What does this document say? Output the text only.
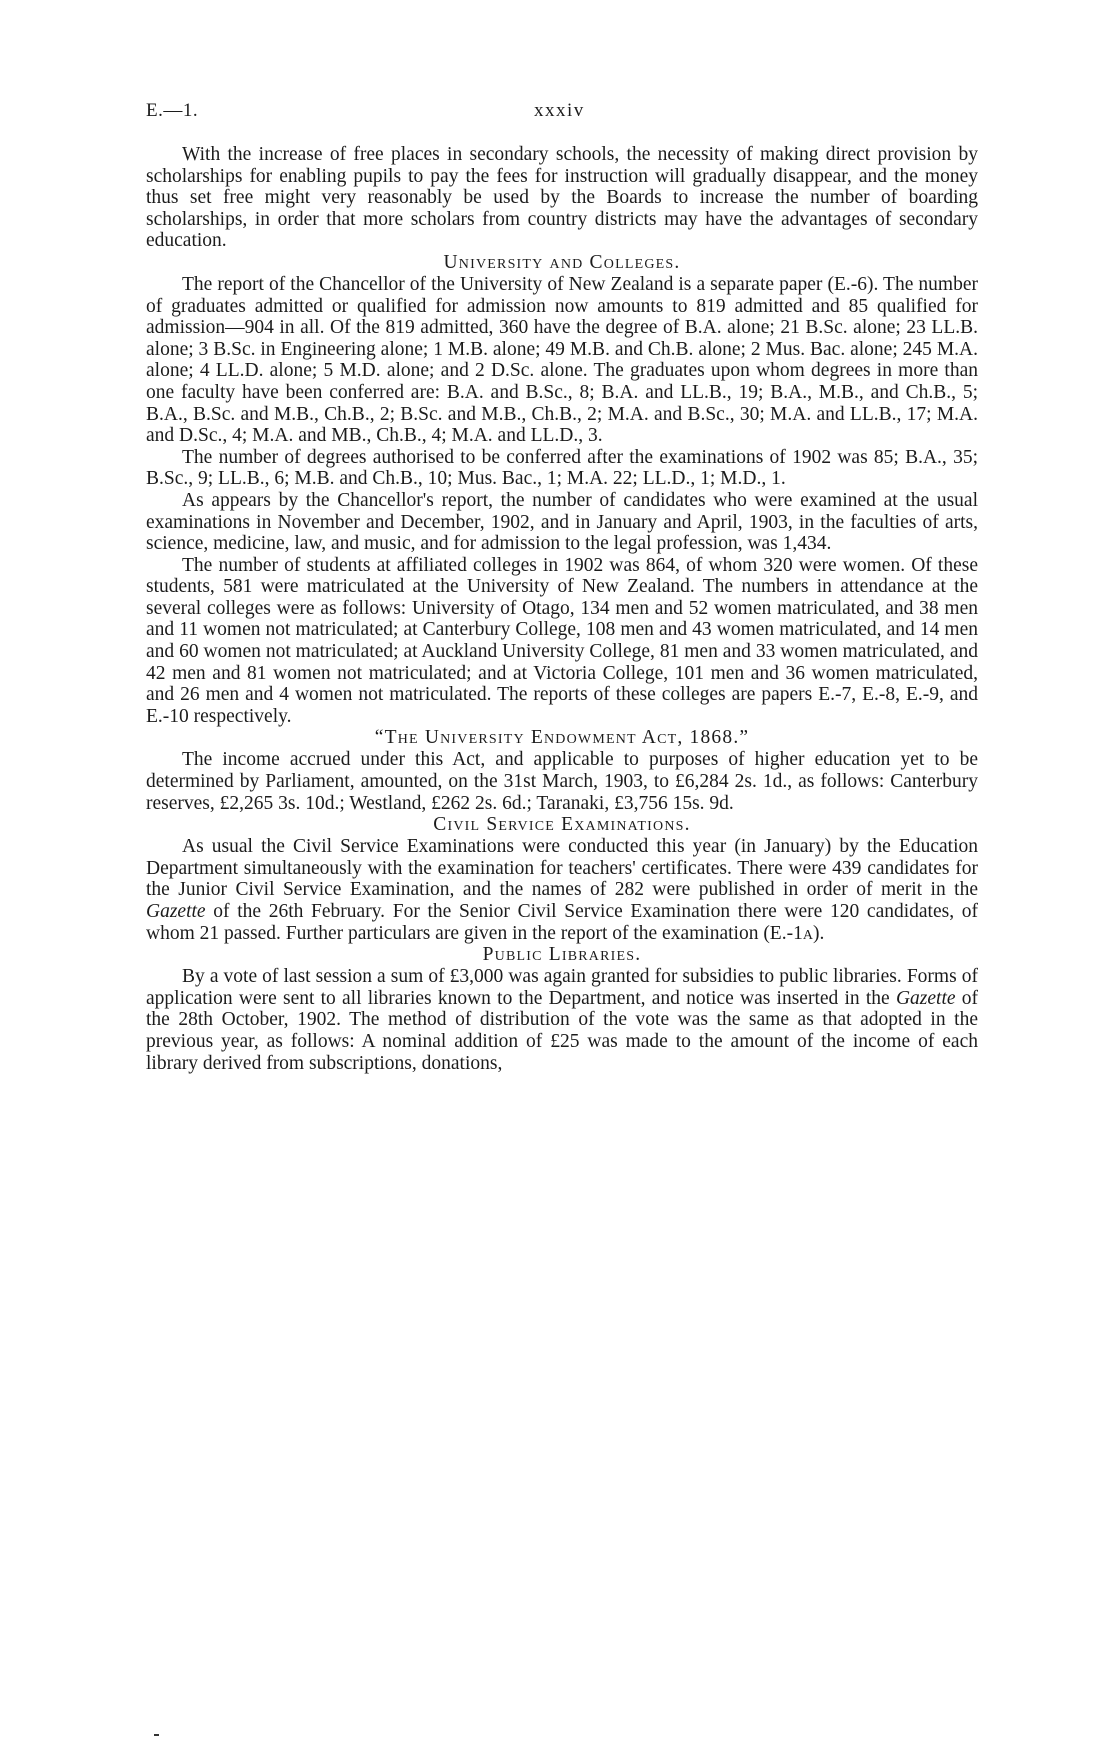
E.—1.	xxxiv

With the increase of free places in secondary schools, the necessity of making direct provision by scholarships for enabling pupils to pay the fees for instruction will gradually disappear, and the money thus set free might very reasonably be used by the Boards to increase the number of boarding scholarships, in order that more scholars from country districts may have the advantages of secondary education.

University and Colleges.

The report of the Chancellor of the University of New Zealand is a separate paper (E.-6). The number of graduates admitted or qualified for admission now amounts to 819 admitted and 85 qualified for admission—904 in all. Of the 819 admitted, 360 have the degree of B.A. alone; 21 B.Sc. alone; 23 LL.B. alone; 3 B.Sc. in Engineering alone; 1 M.B. alone; 49 M.B. and Ch.B. alone; 2 Mus. Bac. alone; 245 M.A. alone; 4 LL.D. alone; 5 M.D. alone; and 2 D.Sc. alone. The graduates upon whom degrees in more than one faculty have been conferred are: B.A. and B.Sc., 8; B.A. and LL.B., 19; B.A., M.B., and Ch.B., 5; B.A., B.Sc. and M.B., Ch.B., 2; B.Sc. and M.B., Ch.B., 2; M.A. and B.Sc., 30; M.A. and LL.B., 17; M.A. and D.Sc., 4; M.A. and MB., Ch.B., 4; M.A. and LL.D., 3.

The number of degrees authorised to be conferred after the examinations of 1902 was 85; B.A., 35; B.Sc., 9; LL.B., 6; M.B. and Ch.B., 10; Mus. Bac., 1; M.A. 22; LL.D., 1; M.D., 1.

As appears by the Chancellor's report, the number of candidates who were examined at the usual examinations in November and December, 1902, and in January and April, 1903, in the faculties of arts, science, medicine, law, and music, and for admission to the legal profession, was 1,434.

The number of students at affiliated colleges in 1902 was 864, of whom 320 were women. Of these students, 581 were matriculated at the University of New Zealand. The numbers in attendance at the several colleges were as follows: University of Otago, 134 men and 52 women matriculated, and 38 men and 11 women not matriculated; at Canterbury College, 108 men and 43 women matriculated, and 14 men and 60 women not matriculated; at Auckland University College, 81 men and 33 women matriculated, and 42 men and 81 women not matriculated; and at Victoria College, 101 men and 36 women matriculated, and 26 men and 4 women not matriculated. The reports of these colleges are papers E.-7, E.-8, E.-9, and E.-10 respectively.

“The University Endowment Act, 1868.”

The income accrued under this Act, and applicable to purposes of higher education yet to be determined by Parliament, amounted, on the 31st March, 1903, to £6,284 2s. 1d., as follows: Canterbury reserves, £2,265 3s. 10d.; Westland, £262 2s. 6d.; Taranaki, £3,756 15s. 9d.

Civil Service Examinations.

As usual the Civil Service Examinations were conducted this year (in January) by the Education Department simultaneously with the examination for teachers' certificates. There were 439 candidates for the Junior Civil Service Examination, and the names of 282 were published in order of merit in the Gazette of the 26th February. For the Senior Civil Service Examination there were 120 candidates, of whom 21 passed. Further particulars are given in the report of the examination (E.-1a).

Public Libraries.

By a vote of last session a sum of £3,000 was again granted for subsidies to public libraries. Forms of application were sent to all libraries known to the Department, and notice was inserted in the Gazette of the 28th October, 1902. The method of distribution of the vote was the same as that adopted in the previous year, as follows: A nominal addition of £25 was made to the amount of the income of each library derived from subscriptions, donations,
